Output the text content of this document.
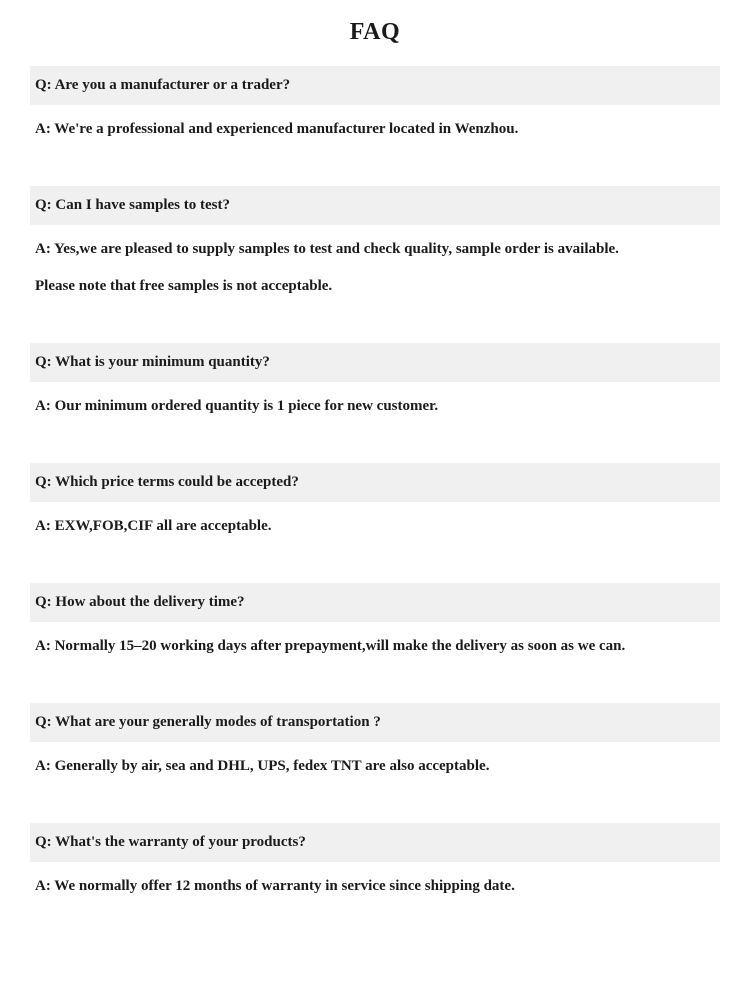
FAQ
Q: Are you a manufacturer or a trader?

A: We're a professional and experienced manufacturer located in Wenzhou.

Q: Can I have samples to test?

A: Yes,we are pleased to supply samples to test and check quality, sample order is available.

Please note that free samples is not acceptable.

Q: What is your minimum quantity?

A: Our minimum ordered quantity is 1 piece for new customer.

Q: Which price terms could be accepted?

A: EXW,FOB,CIF all are acceptable.

Q: How about the delivery time?

A: Normally 15–20 working days after prepayment,will make the delivery as soon as we can.

Q: What are your generally modes of transportation ?

A: Generally by air, sea and DHL, UPS, fedex TNT are also acceptable.

Q: What's the warranty of your products?

A: We normally offer 12 months of warranty in service since shipping date.
